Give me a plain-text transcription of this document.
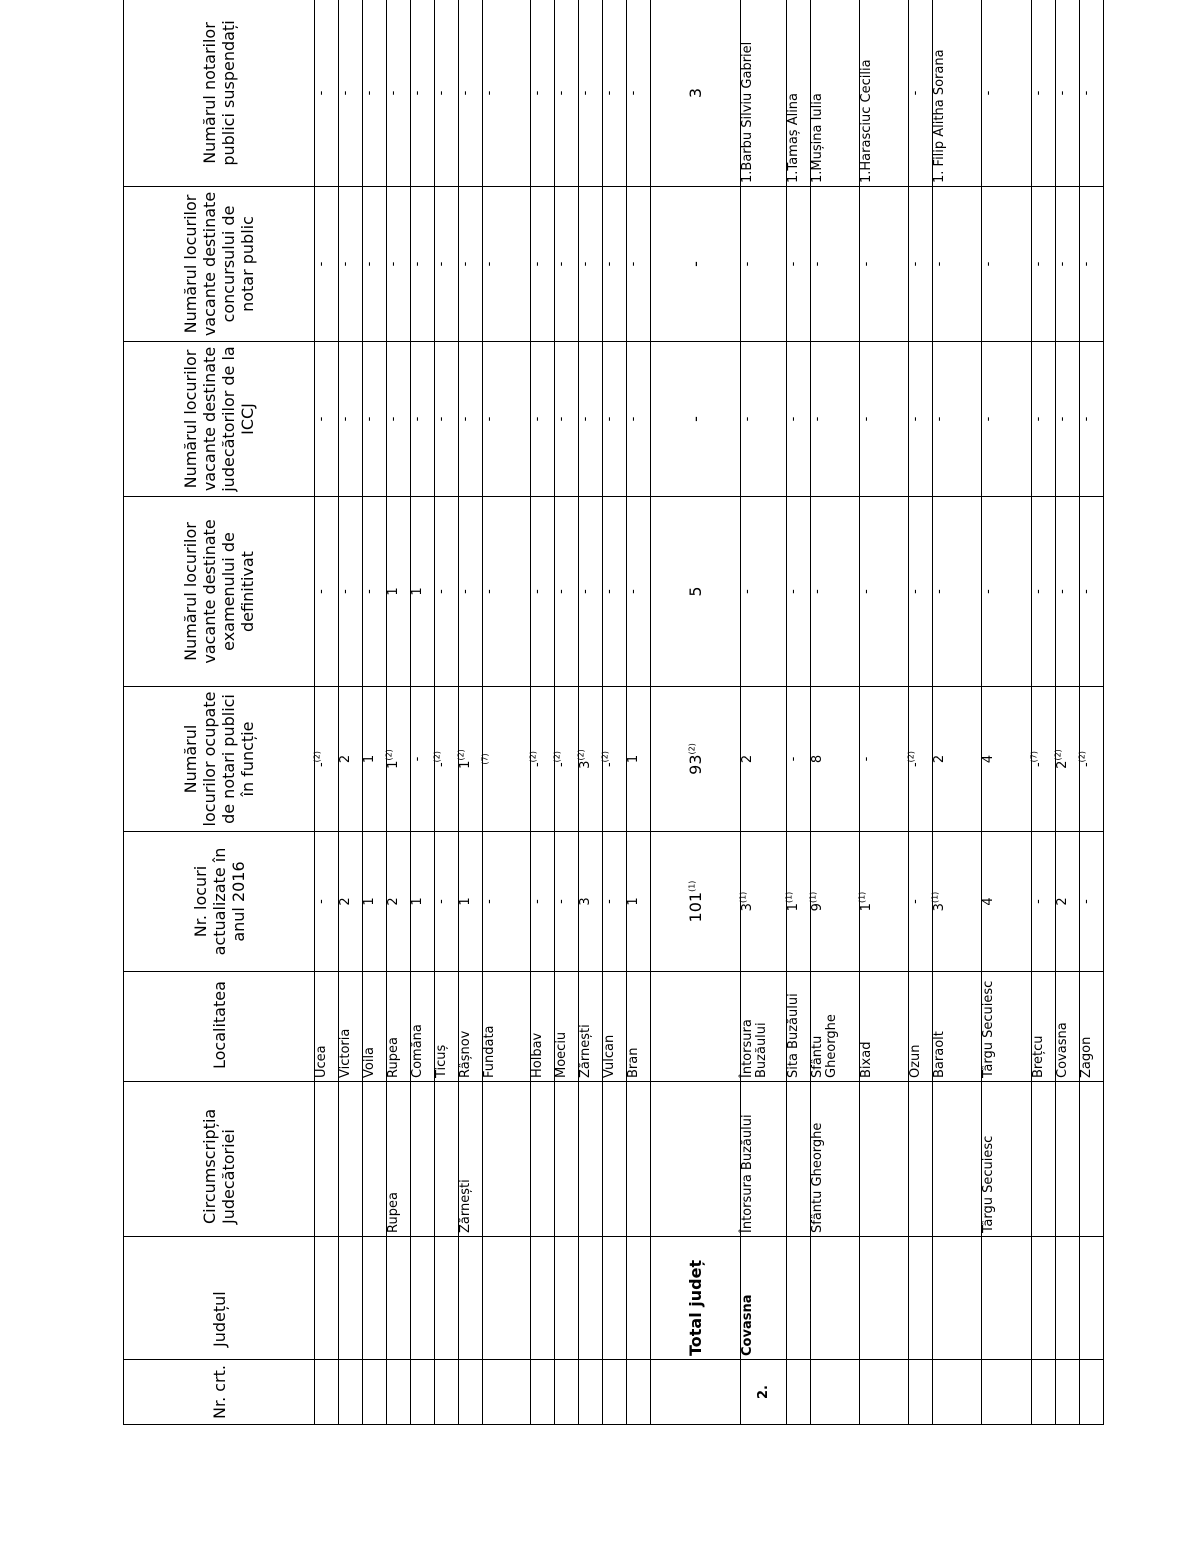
Nr. crt.	Județul	Circumscripția Judecătoriei	Localitatea	Nr. locuri actualizate în anul 2016	Numărul locurilor ocupate de notari publici în funcție	Numărul locurilor vacante destinate examenului de definitivat	Numărul locurilor vacante destinate judecătorilor de la ICCJ	Numărul locurilor vacante destinate concursului de notar public	Numărul notarilor publici suspendați
			Ucea	-	-$^{(2)}$	-	-	-	-
			Victoria	2	2	-	-	-	-
			Voila	1	1	-	-	-	-
		Rupea	Rupea	2	1$^{(2)}$	1	-	-	-
			Comăna	1	-	1	-	-	-
			Ticuș	-	-$^{(2)}$	-	-	-	-
		Zărnești	Râșnov	1	1$^{(2)}$	-	-	-	-
			Fundata	-	$^{(7)}$	-	-	-	-
			Holbav	-	-$^{(2)}$	-	-	-	-
			Moeciu	-	-$^{(2)}$	-	-	-	-
			Zărnești	3	3$^{(2)}$	-	-	-	-
			Vulcan	-	-$^{(2)}$	-	-	-	-
			Bran	1	1	-	-	-	-
	Total județ			101$^{(1)}$	93$^{(2)}$	5	-	-	3
2.	Covasna	Întorsura Buzăului	Întorsura Buzăului	3$^{(1)}$	2	-	-	-	1.Barbu Silviu Gabriel
			Sita Buzăului	1$^{(1)}$	-	-	-	-	1.Tamaș Alina
		Sfântu Gheorghe	Sfântu Gheorghe	9$^{(1)}$	8	-	-	-	1.Mușina Iulia
			Bixad	1$^{(1)}$	-	-	-	-	1.Harasciuc Cecilia
			Ozun	-	-$^{(2)}$	-	-	-	-
			Baraolt	3$^{(1)}$	2	-	-	-	1. Filip Alitha Sorana
		Târgu Secuiesc	Târgu Secuiesc	4	4	-	-	-	-
			Brețcu	-	-$^{(7)}$	-	-	-	-
			Covasna	2	2$^{(2)}$	-	-	-	-
			Zagon	-	-$^{(2)}$	-	-	-	-
